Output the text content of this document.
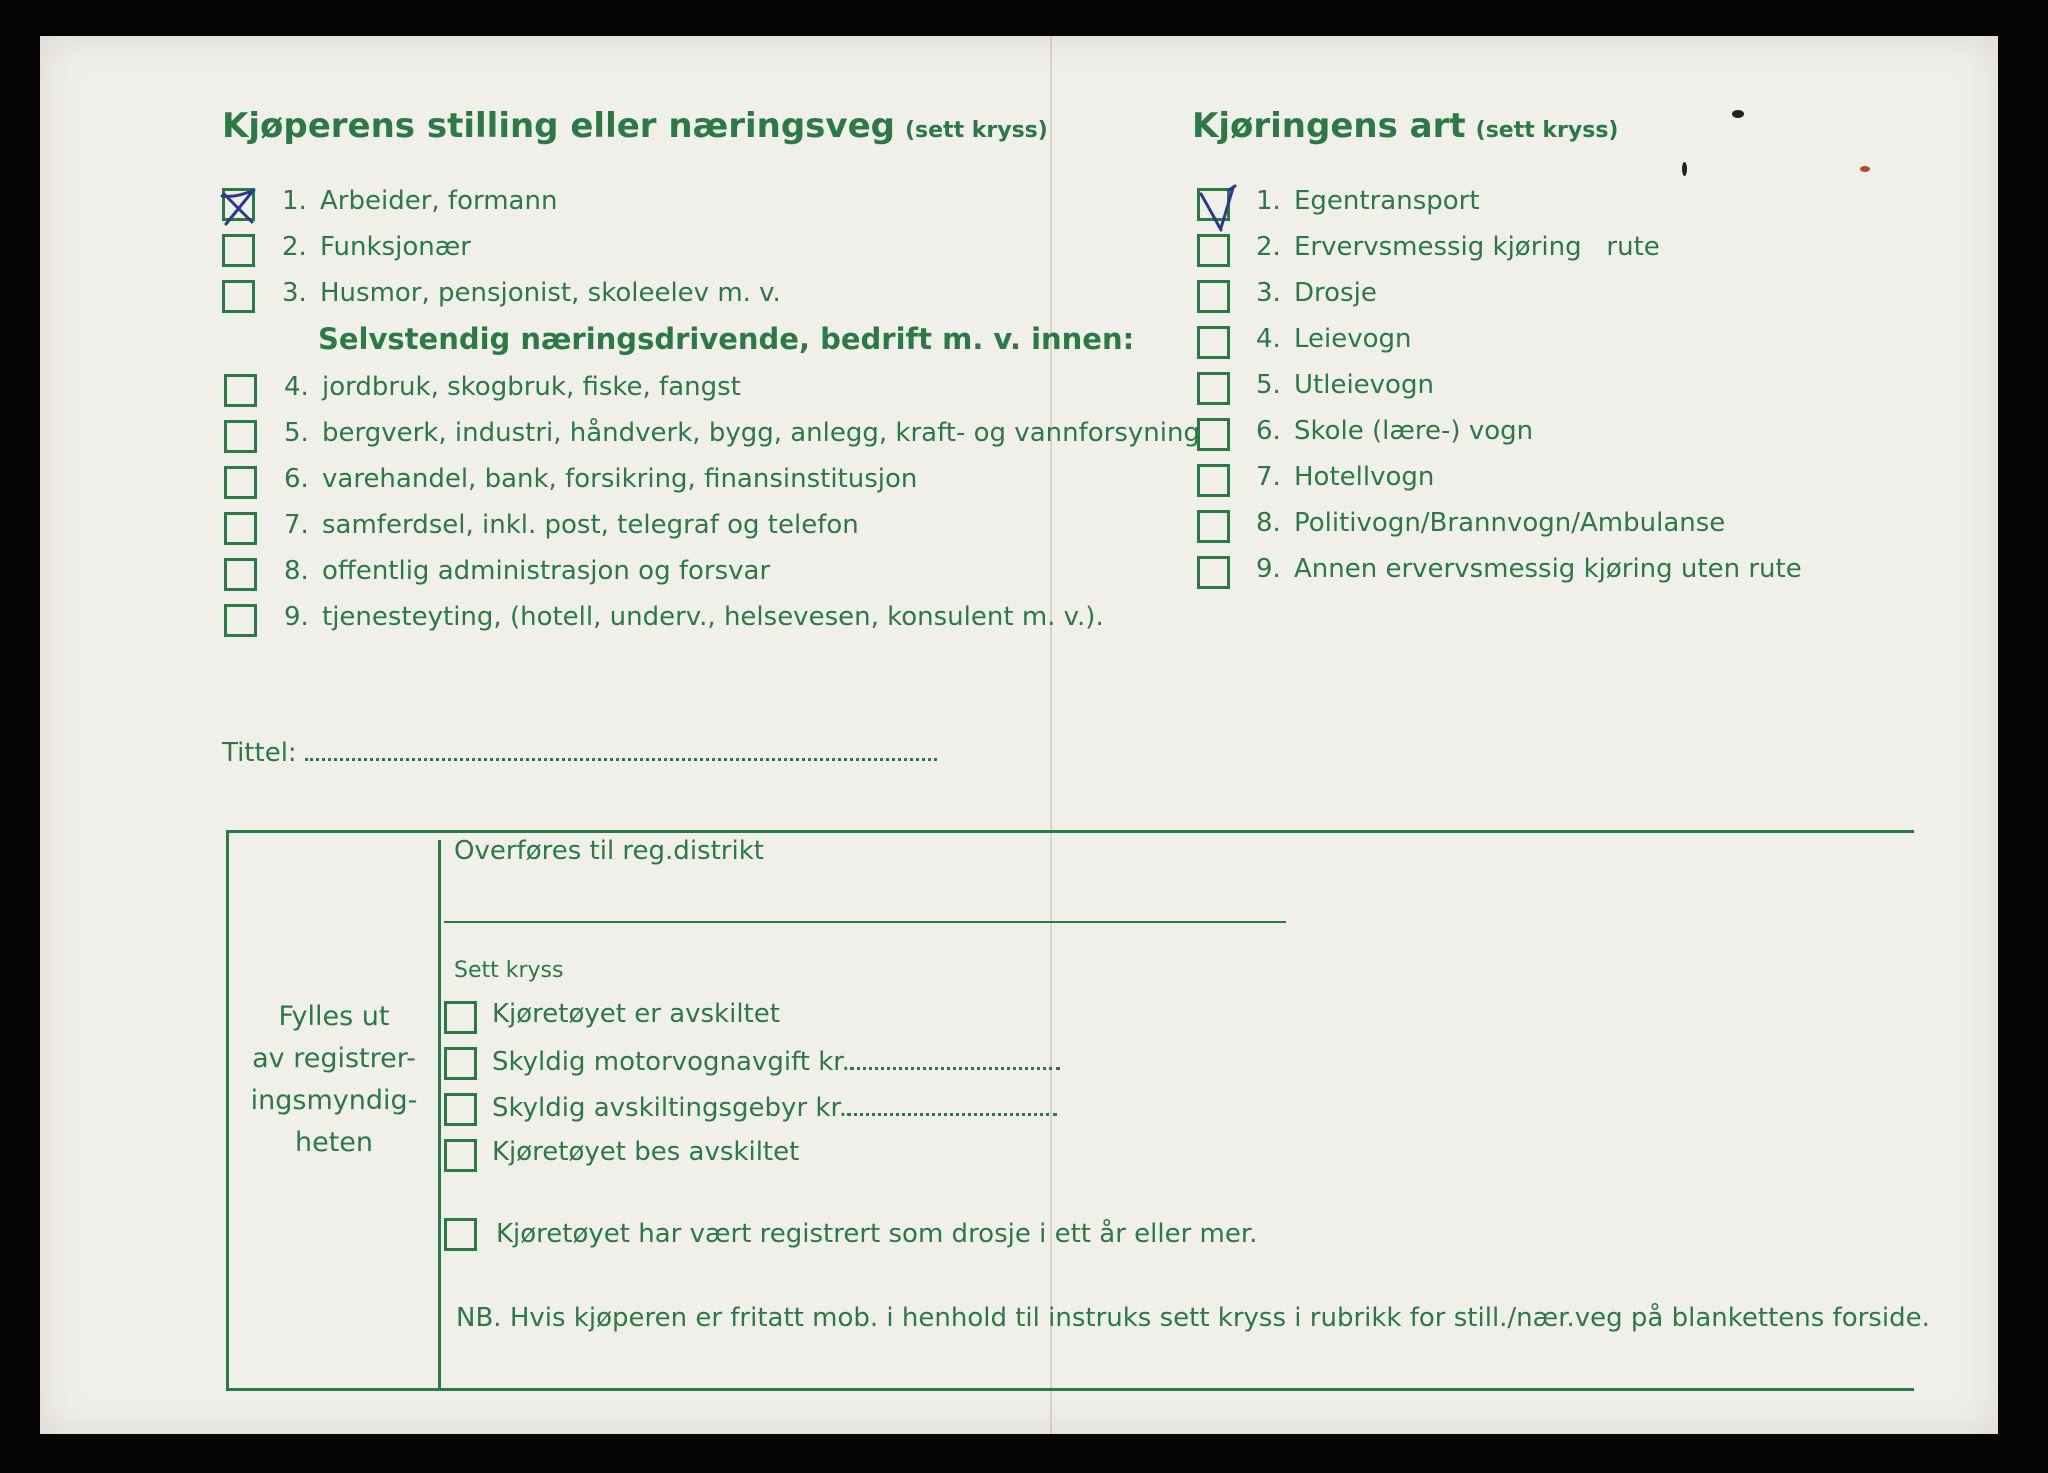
Kjøperens stilling eller næringsveg (sett kryss)
1. Arbeider, formann
2. Funksjonær
3. Husmor, pensjonist, skoleelev m. v.
Selvstendig næringsdrivende, bedrift m. v. innen:
4. jordbruk, skogbruk, fiske, fangst
5. bergverk, industri, håndverk, bygg, anlegg, kraft- og vannforsyning
6. varehandel, bank, forsikring, finansinstitusjon
7. samferdsel, inkl. post, telegraf og telefon
8. offentlig administrasjon og forsvar
9. tjenesteyting, (hotell, underv., helsevesen, konsulent m. v.).
Kjøringens art (sett kryss)
1. Egentransport
2. Ervervsmessig kjøring   rute
3. Drosje
4. Leievogn
5. Utleievogn
6. Skole (lære-) vogn
7. Hotellvogn
8. Politivogn/Brannvogn/Ambulanse
9. Annen ervervsmessig kjøring uten rute
Tittel:
Fylles ut
av registrer-
ingsmyndig-
heten
Overføres til reg.distrikt
Sett kryss
Kjøretøyet er avskiltet
Skyldig motorvognavgift kr.
Skyldig avskiltingsgebyr kr.
Kjøretøyet bes avskiltet
Kjøretøyet har vært registrert som drosje i ett år eller mer.
NB. Hvis kjøperen er fritatt mob. i henhold til instruks sett kryss i rubrikk for still./nær.veg på blankettens forside.
